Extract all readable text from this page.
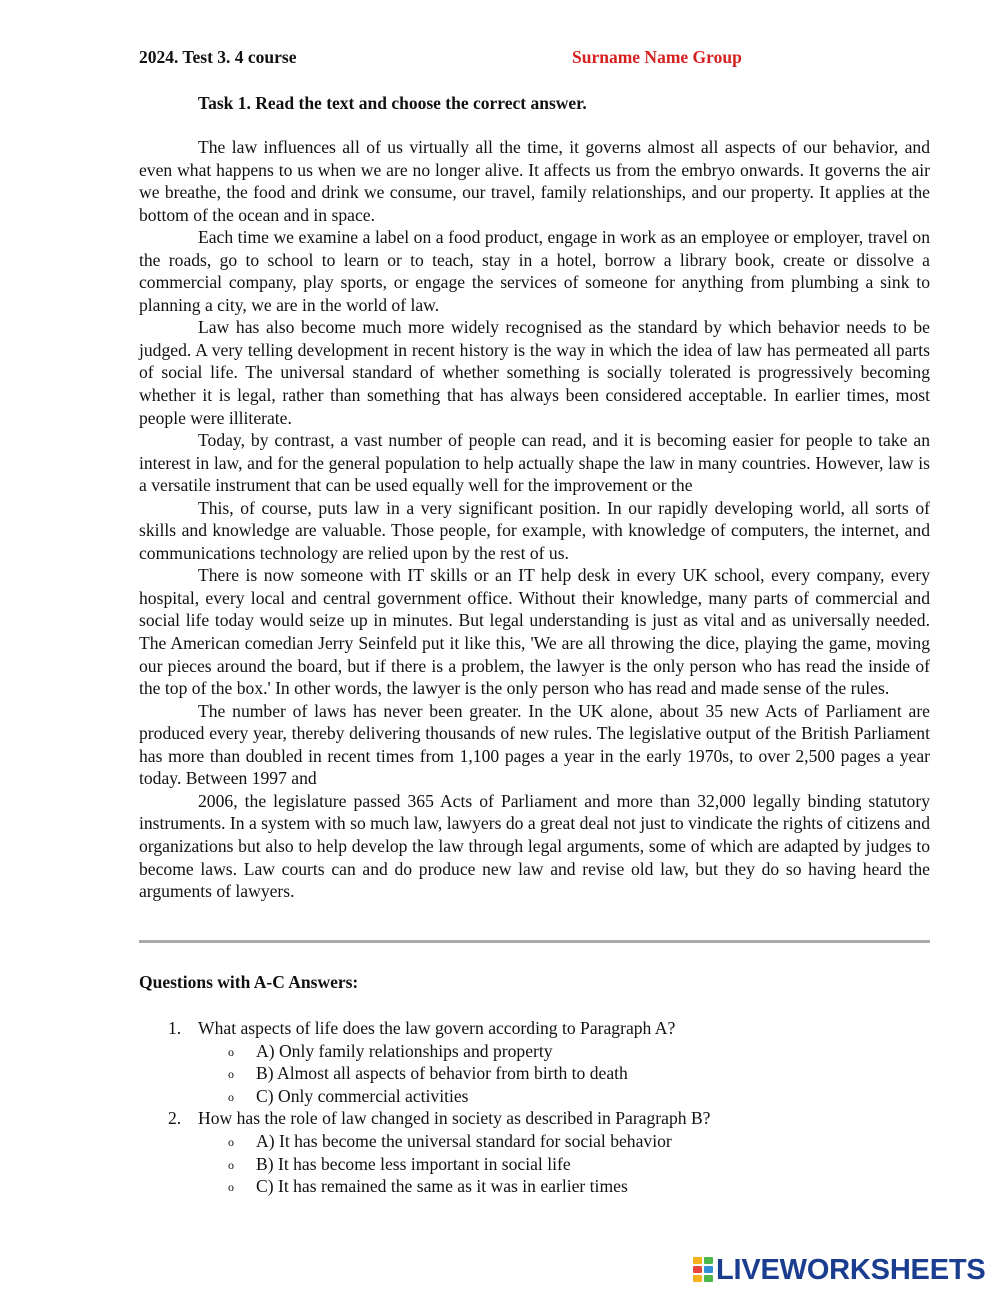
2024. Test 3. 4 course	Surname Name Group
Task 1. Read the text and choose the correct answer.

The law influences all of us virtually all the time, it governs almost all aspects of our behavior, and even what happens to us when we are no longer alive. It affects us from the embryo onwards. It governs the air we breathe, the food and drink we consume, our travel, family relationships, and our property. It applies at the bottom of the ocean and in space.

Each time we examine a label on a food product, engage in work as an employee or employer, travel on the roads, go to school to learn or to teach, stay in a hotel, borrow a library book, create or dissolve a commercial company, play sports, or engage the services of someone for anything from plumbing a sink to planning a city, we are in the world of law.

Law has also become much more widely recognised as the standard by which behavior needs to be judged. A very telling development in recent history is the way in which the idea of law has permeated all parts of social life. The universal standard of whether something is socially tolerated is progressively becoming whether it is legal, rather than something that has always been considered acceptable. In earlier times, most people were illiterate.

Today, by contrast, a vast number of people can read, and it is becoming easier for people to take an interest in law, and for the general population to help actually shape the law in many countries. However, law is a versatile instrument that can be used equally well for the improvement or the

This, of course, puts law in a very significant position. In our rapidly developing world, all sorts of skills and knowledge are valuable. Those people, for example, with knowledge of computers, the internet, and communications technology are relied upon by the rest of us.

There is now someone with IT skills or an IT help desk in every UK school, every company, every hospital, every local and central government office. Without their knowledge, many parts of commercial and social life today would seize up in minutes. But legal understanding is just as vital and as universally needed. The American comedian Jerry Seinfeld put it like this, 'We are all throwing the dice, playing the game, moving our pieces around the board, but if there is a problem, the lawyer is the only person who has read the inside of the top of the box.' In other words, the lawyer is the only person who has read and made sense of the rules.

The number of laws has never been greater. In the UK alone, about 35 new Acts of Parliament are produced every year, thereby delivering thousands of new rules. The legislative output of the British Parliament has more than doubled in recent times from 1,100 pages a year in the early 1970s, to over 2,500 pages a year today. Between 1997 and

2006, the legislature passed 365 Acts of Parliament and more than 32,000 legally binding statutory instruments. In a system with so much law, lawyers do a great deal not just to vindicate the rights of citizens and organizations but also to help develop the law through legal arguments, some of which are adapted by judges to become laws. Law courts can and do produce new law and revise old law, but they do so having heard the arguments of lawyers.

Questions with A-C Answers:
1. What aspects of life does the law govern according to Paragraph A?
o A) Only family relationships and property
o B) Almost all aspects of behavior from birth to death
o C) Only commercial activities
2. How has the role of law changed in society as described in Paragraph B?
o A) It has become the universal standard for social behavior
o B) It has become less important in social life
o C) It has remained the same as it was in earlier times
LIVEWORKSHEETS
